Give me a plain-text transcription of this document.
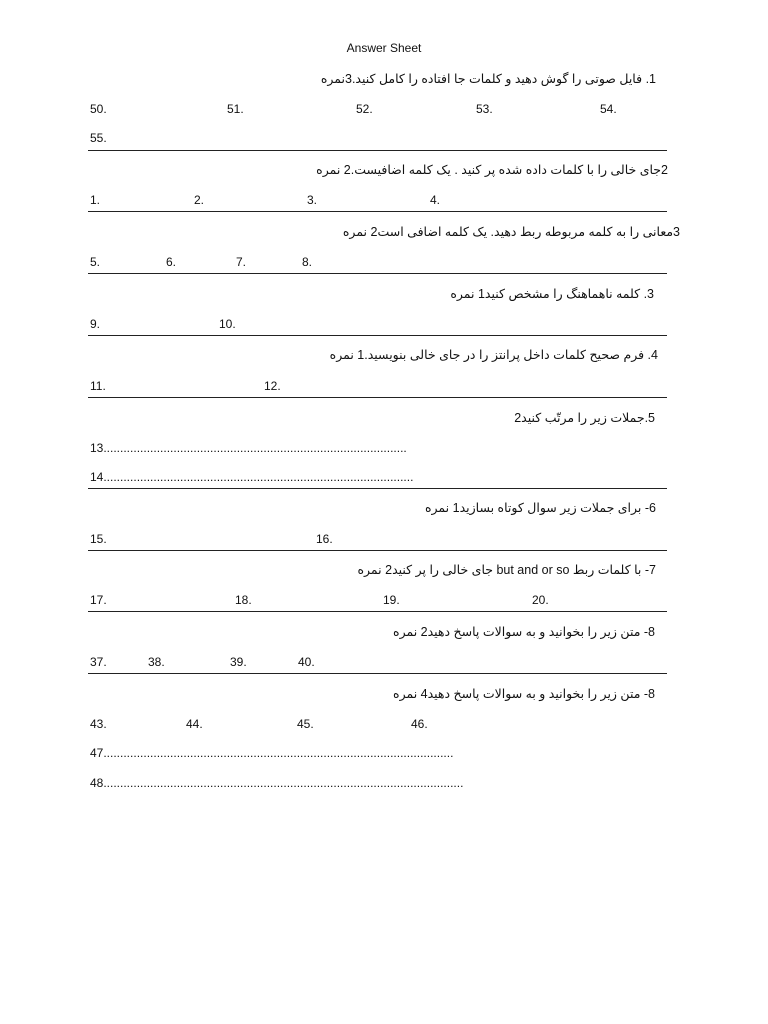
Answer Sheet
1. فایل صوتی را گوش دهید و کلمات جا افتاده را کامل کنید.3نمره
50.	51.	52.	53.	54.
55.
2جای خالی را با کلمات داده شده پر کنید . یک کلمه اضافیست.2 نمره
1.	2.	3.	4.
3معانی را به کلمه مربوطه ربط دهید. یک کلمه اضافی است2 نمره
5.	6.	7.	8.
3. کلمه ناهماهنگ را مشخص کنید1 نمره
9.	10.
4. فرم صحیح کلمات داخل پرانتز را در جای خالی بنویسید.1 نمره
11.	12.
5.جملات زیر را مرتّب کنید2
13...........................................................................................
14.............................................................................................
6- برای جملات زیر سوال کوتاه بسازید1 نمره
15.	16.
7- با کلمات ربط but and or so جای خالی را پر کنید2 نمره
17.	18.	19.	20.
8- متن زیر را بخوانید و به سوالات پاسخ دهید2 نمره
37.	38.	39.	40.
8- متن زیر را بخوانید و به سوالات پاسخ دهید4 نمره
43.	44.	45.	46.
47.........................................................................................................
48............................................................................................................
